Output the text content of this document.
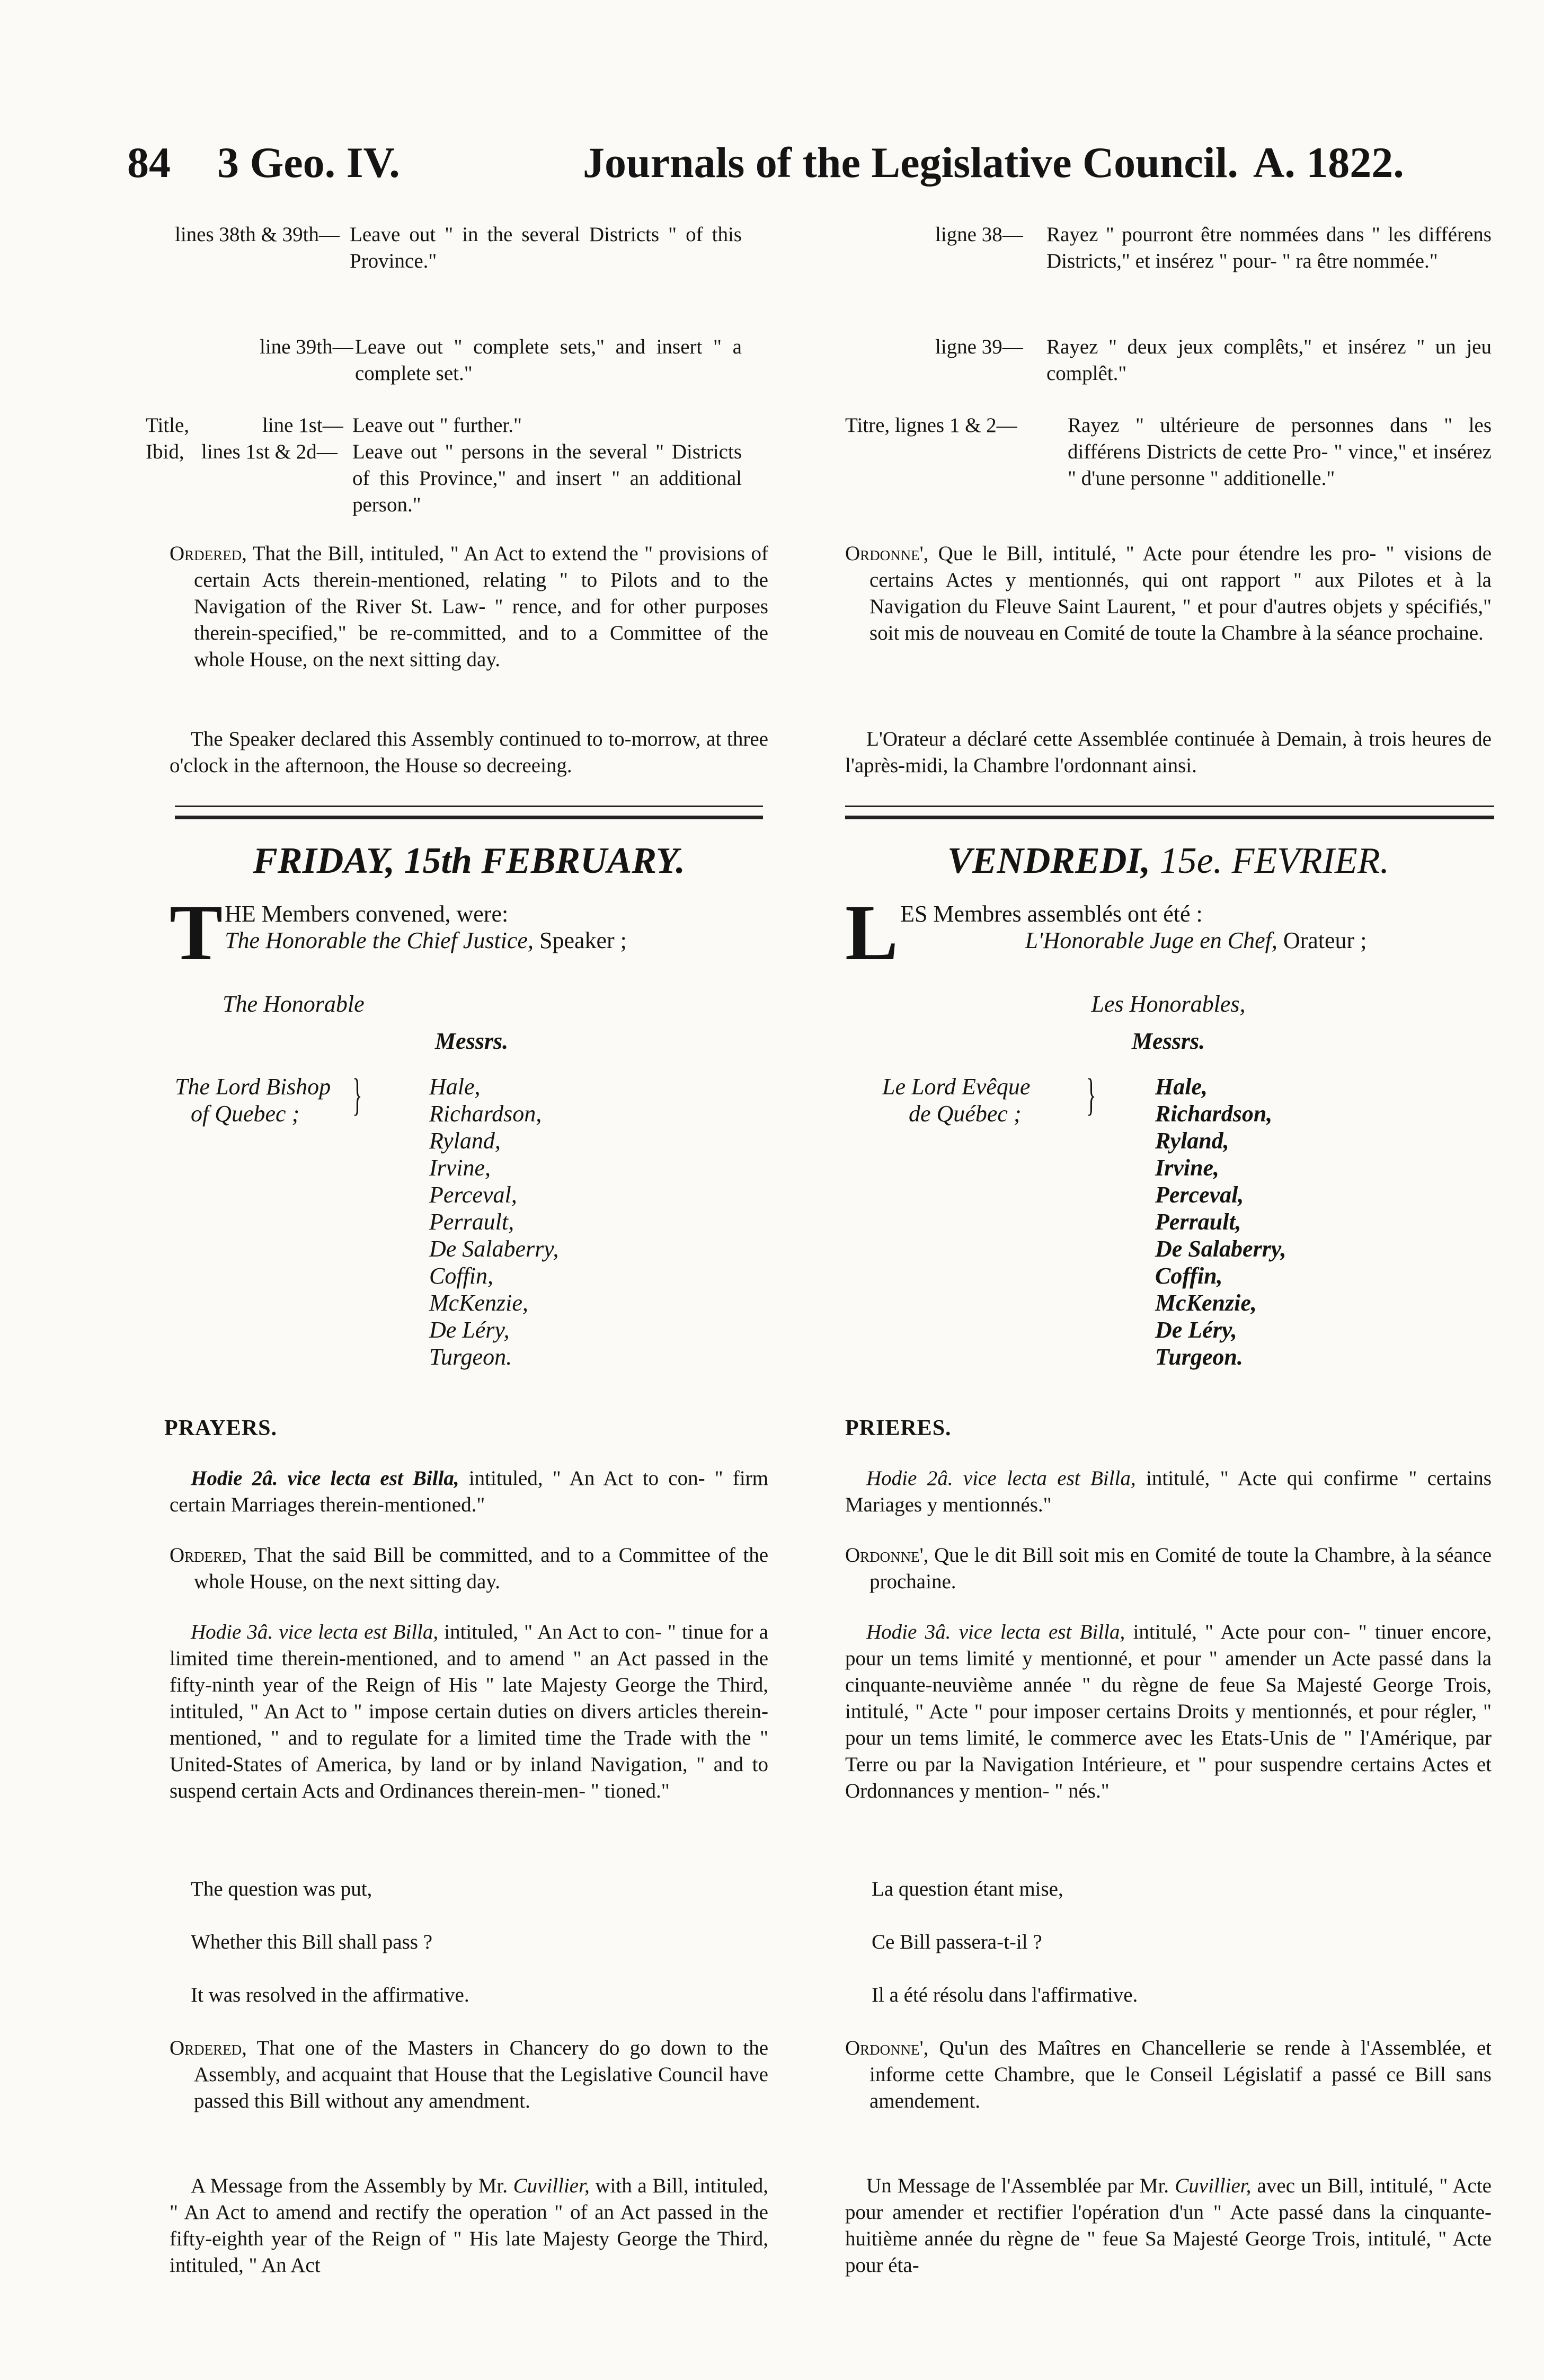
84 3 Geo. IV.	Journals of the Legislative Council. A. 1822.
lines 38th & 39th— Leave out " in the several Districts " of this Province."
line 39th— Leave out " complete sets," and insert " a complete set."
Title,	line 1st— Leave out " further."
Ibid, lines 1st & 2d— Leave out " persons in the several " Districts of this Province," and insert " an additional person."

Ordered, That the Bill, intituled, " An Act to extend the " provisions of certain Acts therein-mentioned, relating " to Pilots and to the Navigation of the River St. Law- " rence, and for other purposes therein-specified," be re-committed, and to a Committee of the whole House, on the next sitting day.

The Speaker declared this Assembly continued to to-morrow, at three o'clock in the afternoon, the House so decreeing.

FRIDAY, 15th FEBRUARY.
T HE Members convened, were:
The Honorable the Chief Justice, Speaker ;
The Honorable
Messrs.
The Lord Bishop
of Quebec ;	}	Hale,
Richardson,
Ryland,
Irvine,
Perceval,
Perrault,
De Salaberry,
Coffin,
McKenzie,
De Léry,
Turgeon.
PRAYERS.

Hodie 2â. vice lecta est Billa, intituled, " An Act to con- " firm certain Marriages therein-mentioned."

Ordered, That the said Bill be committed, and to a Committee of the whole House, on the next sitting day.

Hodie 3â. vice lecta est Billa, intituled, " An Act to con- " tinue for a limited time therein-mentioned, and to amend " an Act passed in the fifty-ninth year of the Reign of His " late Majesty George the Third, intituled, " An Act to " impose certain duties on divers articles therein-mentioned, " and to regulate for a limited time the Trade with the " United-States of America, by land or by inland Navigation, " and to suspend certain Acts and Ordinances therein-men- " tioned."

The question was put,
Whether this Bill shall pass ?
It was resolved in the affirmative.

Ordered, That one of the Masters in Chancery do go down to the Assembly, and acquaint that House that the Legislative Council have passed this Bill without any amendment.

A Message from the Assembly by Mr. Cuvillier, with a Bill, intituled, " An Act to amend and rectify the operation " of an Act passed in the fifty-eighth year of the Reign of " His late Majesty George the Third, intituled, " An Act

ligne 38—	Rayez " pourront être nommées dans " les différens Districts," et insérez " pour- " ra être nommée."
ligne 39—	Rayez " deux jeux complêts," et insérez " un jeu complêt."
Titre, lignes 1 & 2—	Rayez " ultérieure de personnes dans " les différens Districts de cette Pro- " vince," et insérez " d'une personne " additionelle."

Ordonne', Que le Bill, intitulé, " Acte pour étendre les pro- " visions de certains Actes y mentionnés, qui ont rapport " aux Pilotes et à la Navigation du Fleuve Saint Laurent, " et pour d'autres objets y spécifiés," soit mis de nouveau en Comité de toute la Chambre à la séance prochaine.

L'Orateur a déclaré cette Assemblée continuée à Demain, à trois heures de l'après-midi, la Chambre l'ordonnant ainsi.

VENDREDI, 15e. FEVRIER.
L ES Membres assemblés ont été :
L'Honorable Juge en Chef, Orateur ;
Les Honorables,
Messrs.
Le Lord Evêque
de Québec ; }	Hale,
Richardson,
Ryland,
Irvine,
Perceval,
Perrault,
De Salaberry,
Coffin,
McKenzie,
De Léry,
Turgeon.
PRIERES.

Hodie 2â. vice lecta est Billa, intitulé, " Acte qui confirme " certains Mariages y mentionnés."

Ordonne', Que le dit Bill soit mis en Comité de toute la Chambre, à la séance prochaine.

Hodie 3â. vice lecta est Billa, intitulé, " Acte pour con- " tinuer encore, pour un tems limité y mentionné, et pour " amender un Acte passé dans la cinquante-neuvième année " du règne de feue Sa Majesté George Trois, intitulé, " Acte " pour imposer certains Droits y mentionnés, et pour régler, " pour un tems limité, le commerce avec les Etats-Unis de " l'Amérique, par Terre ou par la Navigation Intérieure, et " pour suspendre certains Actes et Ordonnances y mention- " nés."

La question étant mise,
Ce Bill passera-t-il ?
Il a été résolu dans l'affirmative.

Ordonne', Qu'un des Maîtres en Chancellerie se rende à l'Assemblée, et informe cette Chambre, que le Conseil Législatif a passé ce Bill sans amendement.

Un Message de l'Assemblée par Mr. Cuvillier, avec un Bill, intitulé, " Acte pour amender et rectifier l'opération d'un " Acte passé dans la cinquante-huitième année du règne de " feue Sa Majesté George Trois, intitulé, " Acte pour éta-
